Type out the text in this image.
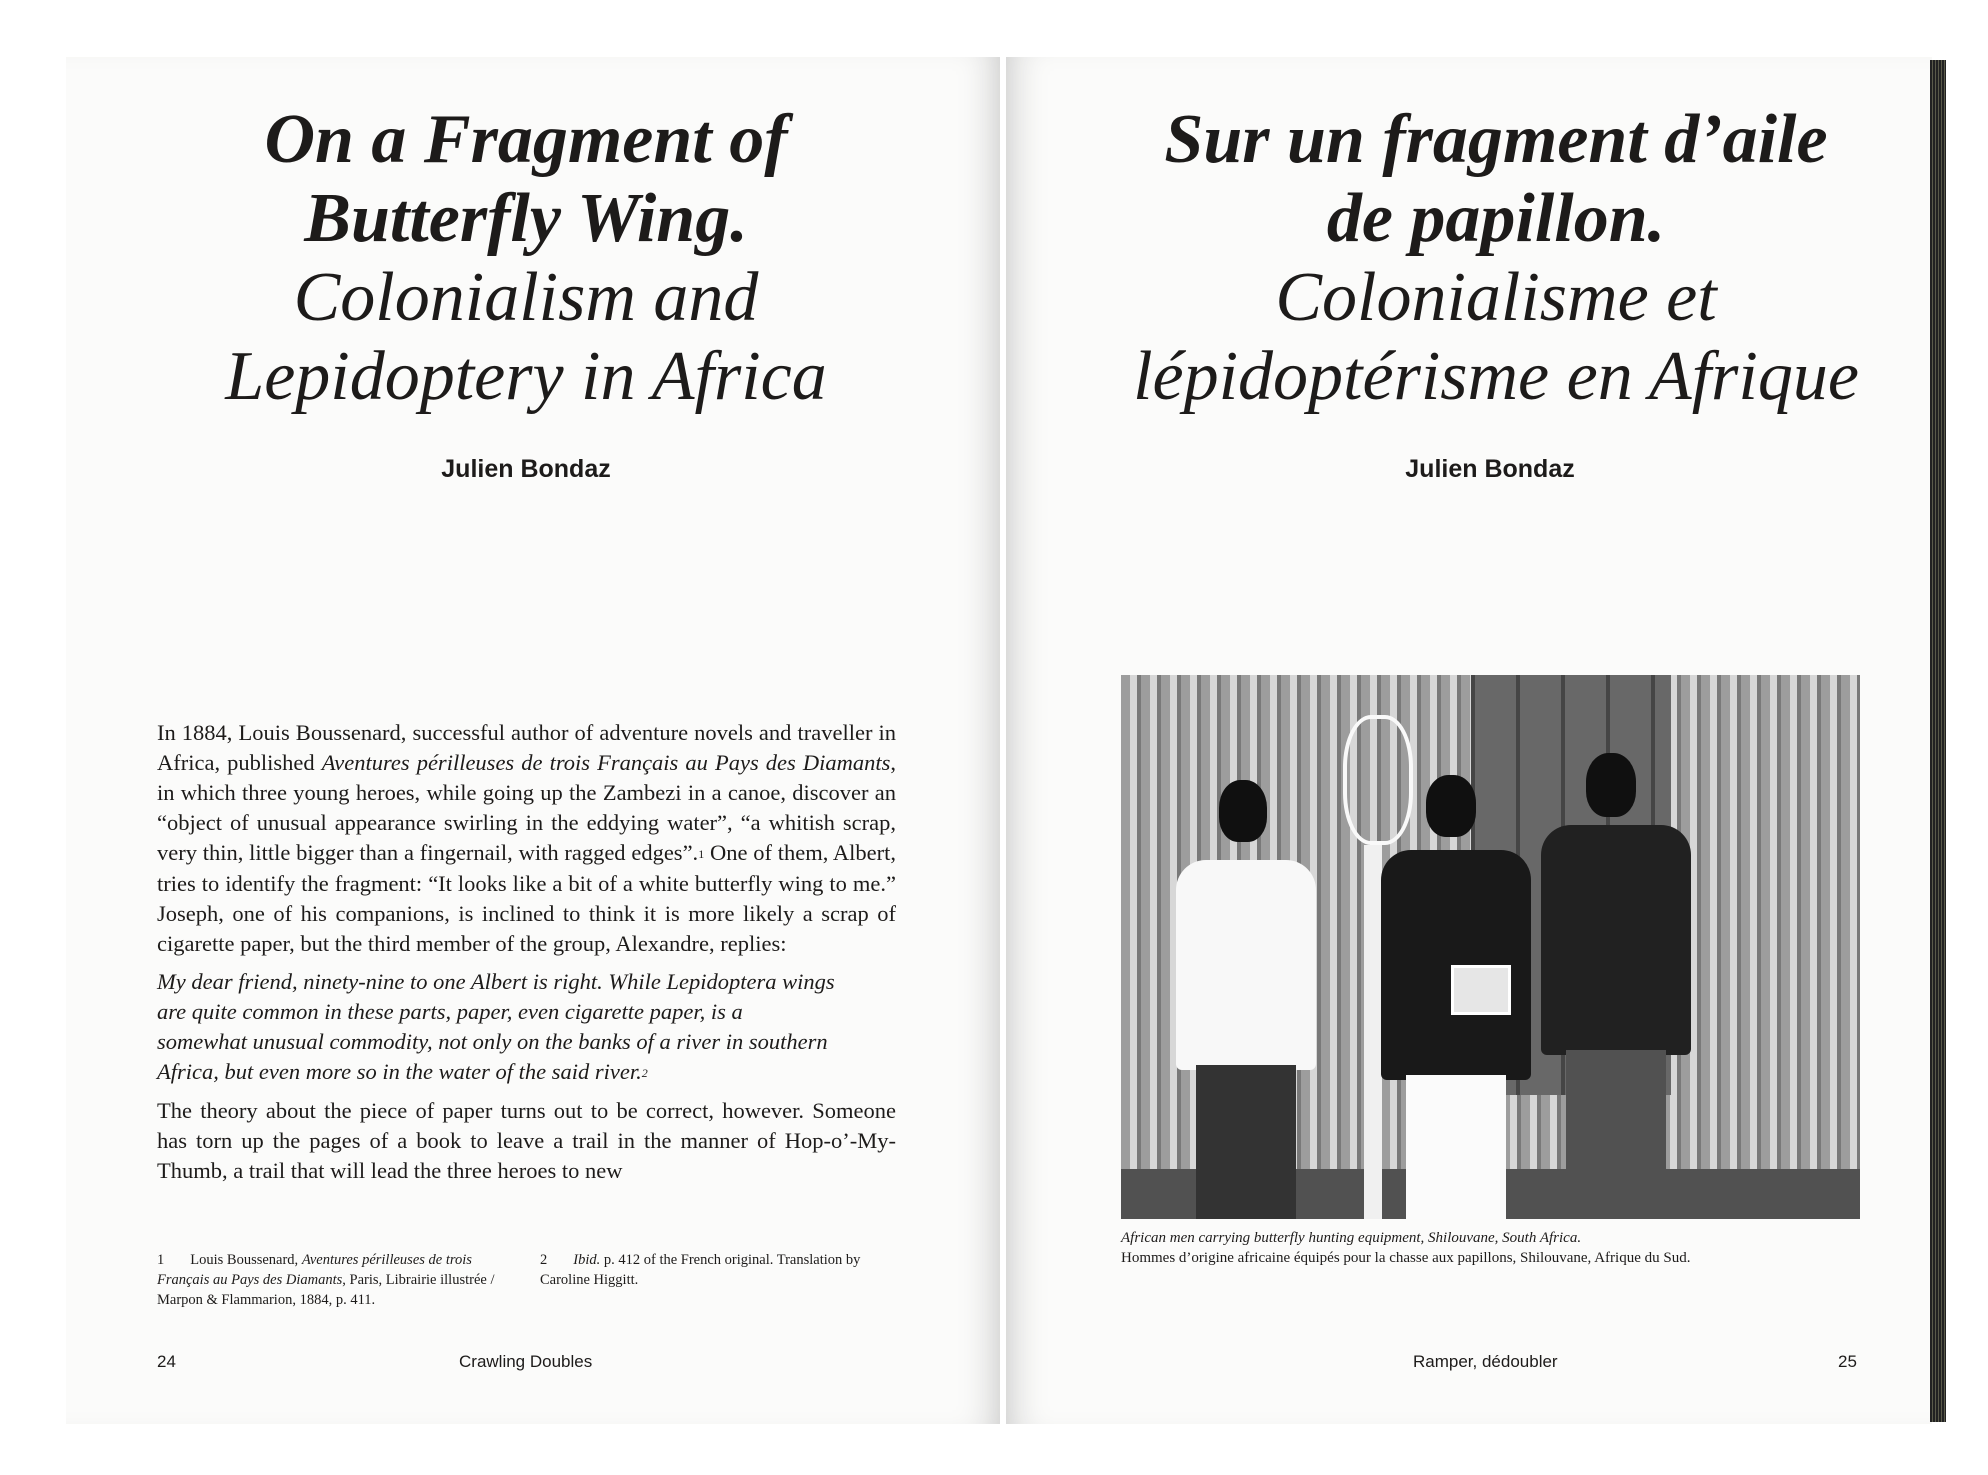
On a Fragment of
Butterfly Wing.
Colonialism and
Lepidoptery in Africa
Julien Bondaz

In 1884, Louis Boussenard, successful author of adventure novels and traveller in Africa, published Aventures périlleuses de trois Français au Pays des Diamants, in which three young heroes, while going up the Zambezi in a canoe, discover an “object of unusual appearance swirling in the eddying water”, “a whitish scrap, very thin, little bigger than a fingernail, with ragged edges”.$^1$ One of them, Albert, tries to identify the fragment: “It looks like a bit of a white butterfly wing to me.” Joseph, one of his companions, is inclined to think it is more likely a scrap of cigarette paper, but the third member of the group, Alexandre, replies:

My dear friend, ninety-nine to one Albert is right. While Lepidoptera wings are quite common in these parts, paper, even cigarette paper, is a somewhat unusual commodity, not only on the banks of a river in southern Africa, but even more so in the water of the said river.$^2$

The theory about the piece of paper turns out to be correct, however. Someone has torn up the pages of a book to leave a trail in the manner of Hop-o’-My-Thumb, a trail that will lead the three heroes to new

1 Louis Boussenard, Aventures périlleuses de trois Français au Pays des Diamants, Paris, Librairie illustrée / Marpon & Flammarion, 1884, p. 411.
2 Ibid. p. 412 of the French original. Translation by Caroline Higgitt.
24	Crawling Doubles
Sur un fragment d’aile
de papillon.
Colonialisme et
lépidoptérisme en Afrique
Julien Bondaz
African men carrying butterfly hunting equipment, Shilouvane, South Africa.
Hommes d’origine africaine équipés pour la chasse aux papillons, Shilouvane, Afrique du Sud.
Ramper, dédoubler	25
